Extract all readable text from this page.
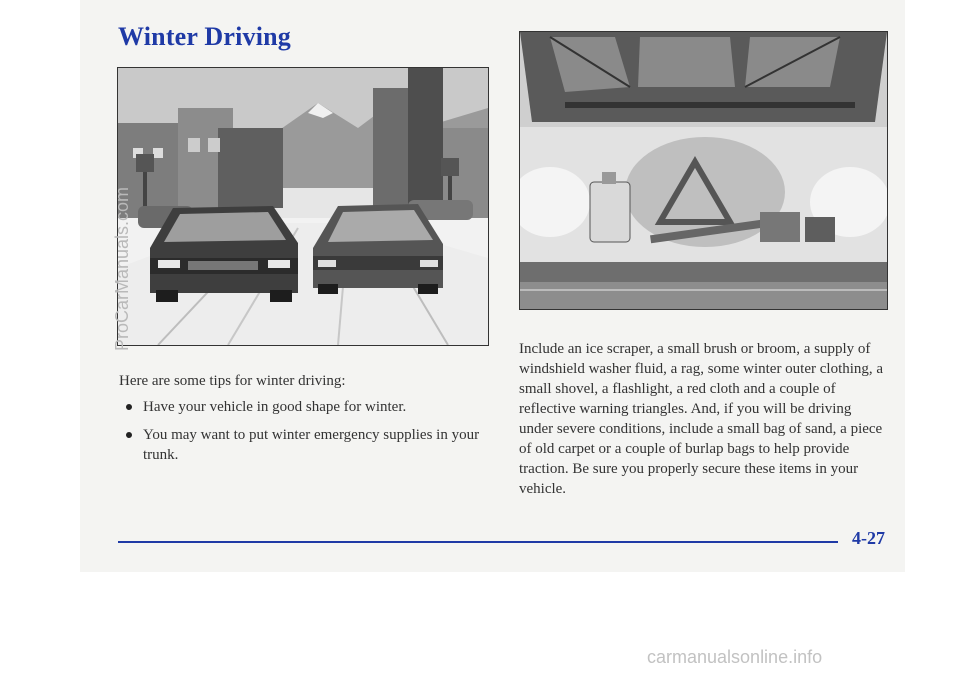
Winter Driving
Here are some tips for winter driving:
Have your vehicle in good shape for winter.
You may want to put winter emergency supplies in your trunk.
Include an ice scraper, a small brush or broom, a supply of windshield washer fluid, a rag, some winter outer clothing, a small shovel, a flashlight, a red cloth and a couple of reflective warning triangles. And, if you will be driving under severe conditions, include a small bag of sand, a piece of old carpet or a couple of burlap bags to help provide traction. Be sure you properly secure these items in your vehicle.
4-27
ProCarManuals.com
carmanualsonline.info
